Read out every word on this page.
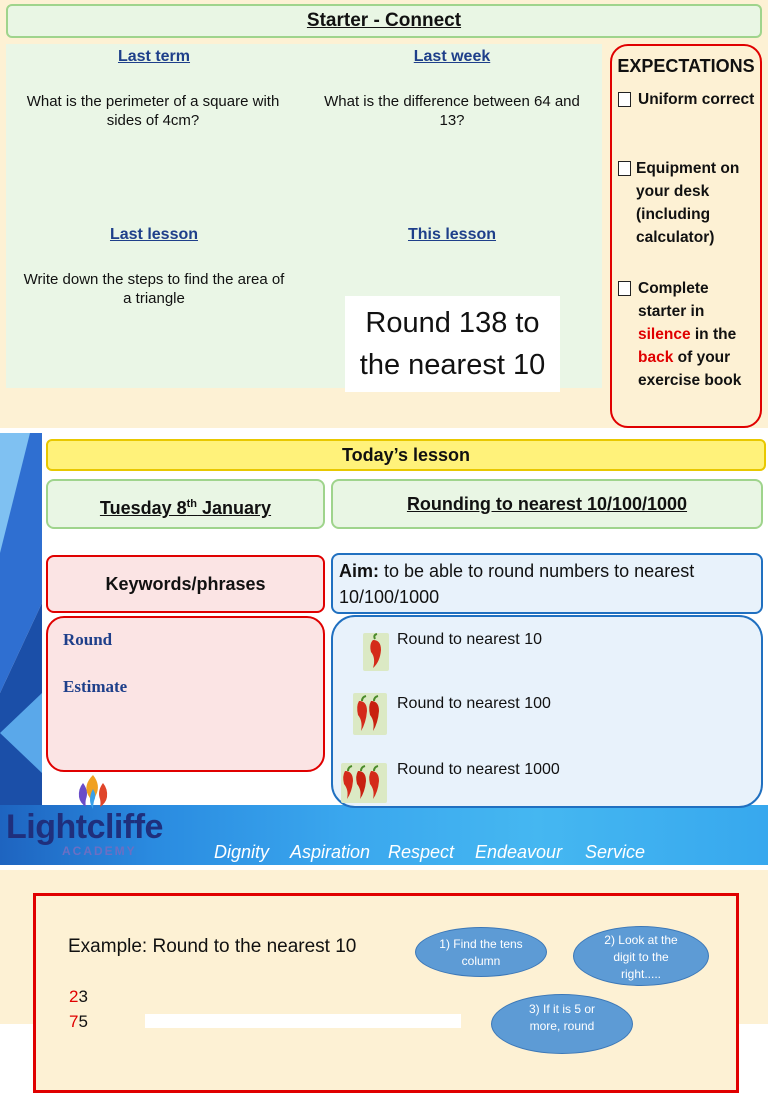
Starter - Connect
Last term
What is the perimeter of a square with sides of 4cm?
Last week
What is the difference between 64 and 13?
Last lesson
Write down the steps to find the area of a triangle
This lesson
Round 138 to the nearest 10
EXPECTATIONS
Uniform correct
Equipment on your desk (including calculator)
Complete starter in silence in the back of your exercise book
Today’s lesson
Tuesday 8th January	Rounding to nearest 10/100/1000
Keywords/phrases
Aim: to be able to round numbers to nearest 10/100/1000
Round
Estimate
Round to nearest 10
Round to nearest 100
Round to nearest 1000
Lightcliffe
ACADEMY	Dignity Aspiration Respect Endeavour Service
Example: Round to the nearest 10
23
75
1) Find the tens column
2) Look at the digit to the right.....
3) If it is 5 or more, round
